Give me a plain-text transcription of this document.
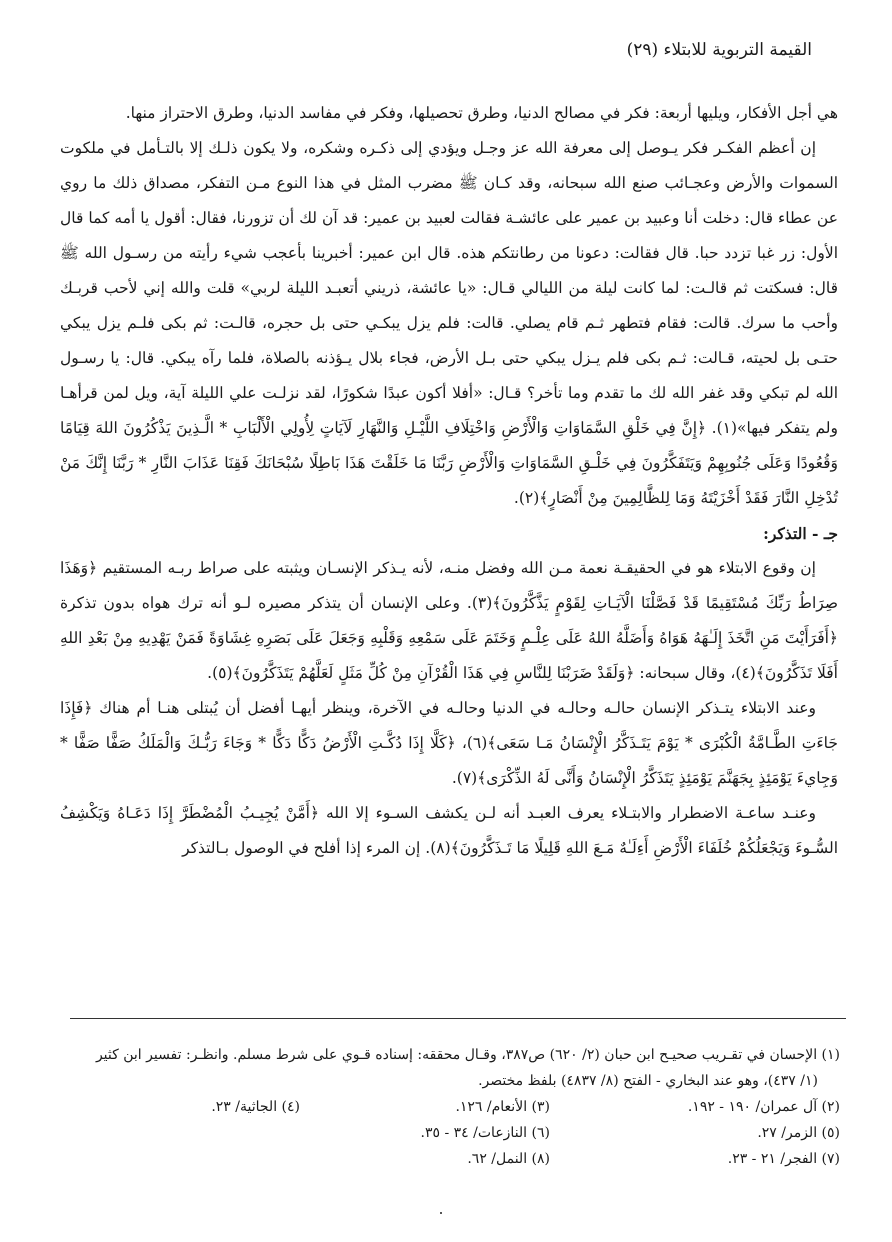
القيمة التربوية للابتلاء (٢٩)

هي أجل الأفكار، ويليها أربعة: فكر في مصالح الدنيا، وطرق تحصيلها، وفكر في مفاسد الدنيا، وطرق الاحتراز منها.

إن أعظم الفكـر فكر يـوصل إلى معرفة الله عز وجـل ويؤدي إلى ذكـره وشكره، ولا يكون ذلـك إلا بالتـأمل في ملكوت السموات والأرض وعجـائب صنع الله سبحانه، وقد كـان ﷺ مضرب المثل في هذا النوع مـن التفكر، مصداق ذلك ما روي عن عطاء قال: دخلت أنا وعبيد بن عمير على عائشـة فقالت لعبيد بن عمير: قد آن لك أن تزورنا، فقال: أقول يا أمه كما قال الأول: زر غبا تزدد حبا. قال فقالت: دعونا من رطانتكم هذه. قال ابن عمير: أخبرينا بأعجب شيء رأيته من رسـول الله ﷺ قال: فسكتت ثم قالـت: لما كانت ليلة من الليالي قـال: «يا عائشة، ذريني أتعبـد الليلة لربي» قلت والله إني لأحب قربـك وأحب ما سرك. قالت: فقام فتطهر ثـم قام يصلي. قالت: فلم يزل يبكـي حتى بل حجره، قالـت: ثم بكى فلـم يزل يبكي حتـى بل لحيته، قـالت: ثـم بكى فلم يـزل يبكي حتى بـل الأرض، فجاء بلال يـؤذنه بالصلاة، فلما رآه يبكي. قال: يا رسـول الله لم تبكي وقد غفر الله لك ما تقدم وما تأخر؟ قـال: «أفلا أكون عبدًا شكورًا، لقد نزلـت علي الليلة آية، ويل لمن قرأهـا ولم يتفكر فيها»(١). ﴿إِنَّ فِي خَلْقِ السَّمَاوَاتِ وَالْأَرْضِ وَاخْتِلَافِ اللَّيْـلِ وَالنَّهَارِ لَآيَاتٍ لِأُولِي الْأَلْبَابِ * الَّـذِينَ يَذْكُرُونَ اللهَ قِيَامًا وَقُعُودًا وَعَلَى جُنُوبِهِمْ وَيَتَفَكَّرُونَ فِي خَلْـقِ السَّمَاوَاتِ وَالْأَرْضِ رَبَّنَا مَا خَلَقْتَ هَذَا بَاطِلًا سُبْحَانَكَ فَقِنَا عَذَابَ النَّارِ * رَبَّنَا إِنَّكَ مَنْ تُدْخِلِ النَّارَ فَقَدْ أَخْزَيْتَهُ وَمَا لِلظَّالِمِينَ مِنْ أَنْصَارٍ﴾(٢).

جـ - التذكر:

إن وقوع الابتلاء هو في الحقيقـة نعمة مـن الله وفضل منـه، لأنه يـذكر الإنسـان ويثبته على صراط ربـه المستقيم ﴿وَهَذَا صِرَاطُ رَبِّكَ مُسْتَقِيمًا قَدْ فَصَّلْنَا الْآيَـاتِ لِقَوْمٍ يَذَّكَّرُونَ﴾(٣). وعلى الإنسان أن يتذكر مصيره لـو أنه ترك هواه بدون تذكرة ﴿أَفَرَأَيْتَ مَنِ اتَّخَذَ إِلَـٰهَهُ هَوَاهُ وَأَضَلَّهُ اللهُ عَلَى عِلْـمٍ وَخَتَمَ عَلَى سَمْعِهِ وَقَلْبِهِ وَجَعَلَ عَلَى بَصَرِهِ غِشَاوَةً فَمَنْ يَهْدِيهِ مِنْ بَعْدِ اللهِ أَفَلَا تَذَكَّرُونَ﴾(٤)، وقال سبحانه: ﴿وَلَقَدْ ضَرَبْنَا لِلنَّاسِ فِي هَذَا الْقُرْآنِ مِنْ كُلِّ مَثَلٍ لَعَلَّهُمْ يَتَذَكَّرُونَ﴾(٥).

وعند الابتلاء يتـذكر الإنسان حالـه وحالـه في الدنيا وحالـه في الآخرة، وينظر أيهـا أفضل أن يُبتلى هنـا أم هناك ﴿فَإِذَا جَاءَتِ الطَّـامَّةُ الْكُبْرَى * يَوْمَ يَتَـذَكَّرُ الْإِنْسَانُ مَـا سَعَى﴾(٦)، ﴿كَلَّا إِذَا دُكَّـتِ الْأَرْضُ دَكًّا دَكًّا * وَجَاءَ رَبُّـكَ وَالْمَلَكُ صَفًّا صَفًّا * وَجِايءَ يَوْمَئِذٍ بِجَهَنَّمَ يَوْمَئِذٍ يَتَذَكَّرُ الْإِنْسَانُ وَأَنَّى لَهُ الذِّكْرَى﴾(٧).

وعنـد ساعـة الاضطرار والابتـلاء يعرف العبـد أنه لـن يكشف السـوء إلا الله ﴿أَمَّنْ يُجِيـبُ الْمُضْطَرَّ إِذَا دَعَـاهُ وَيَكْشِفُ السُّـوءَ وَيَجْعَلُكُمْ خُلَفَاءَ الْأَرْضِ أَءِلَـٰهٌ مَـعَ اللهِ قَلِيلًا مَا تَـذَكَّرُونَ﴾(٨). إن المرء إذا أفلح في الوصول بـالتذكر

(١) الإحسان في تقـريب صحيـح ابن حبان (٢/ ٦٢٠) ص٣٨٧، وقـال محققه: إسناده قـوي على شرط مسلم. وانظـر: تفسير ابن كثير

(١/ ٤٣٧)، وهو عند البخاري - الفتح (٨/ ٤٨٣٧) بلفظ مختصر.

(٢) آل عمران/ ١٩٠ - ١٩٢.
(٣) الأنعام/ ١٢٦.
(٤) الجاثية/ ٢٣.
(٥) الزمر/ ٢٧.
(٦) النازعات/ ٣٤ - ٣٥.
(٧) الفجر/ ٢١ - ٢٣.
(٨) النمل/ ٦٢.
